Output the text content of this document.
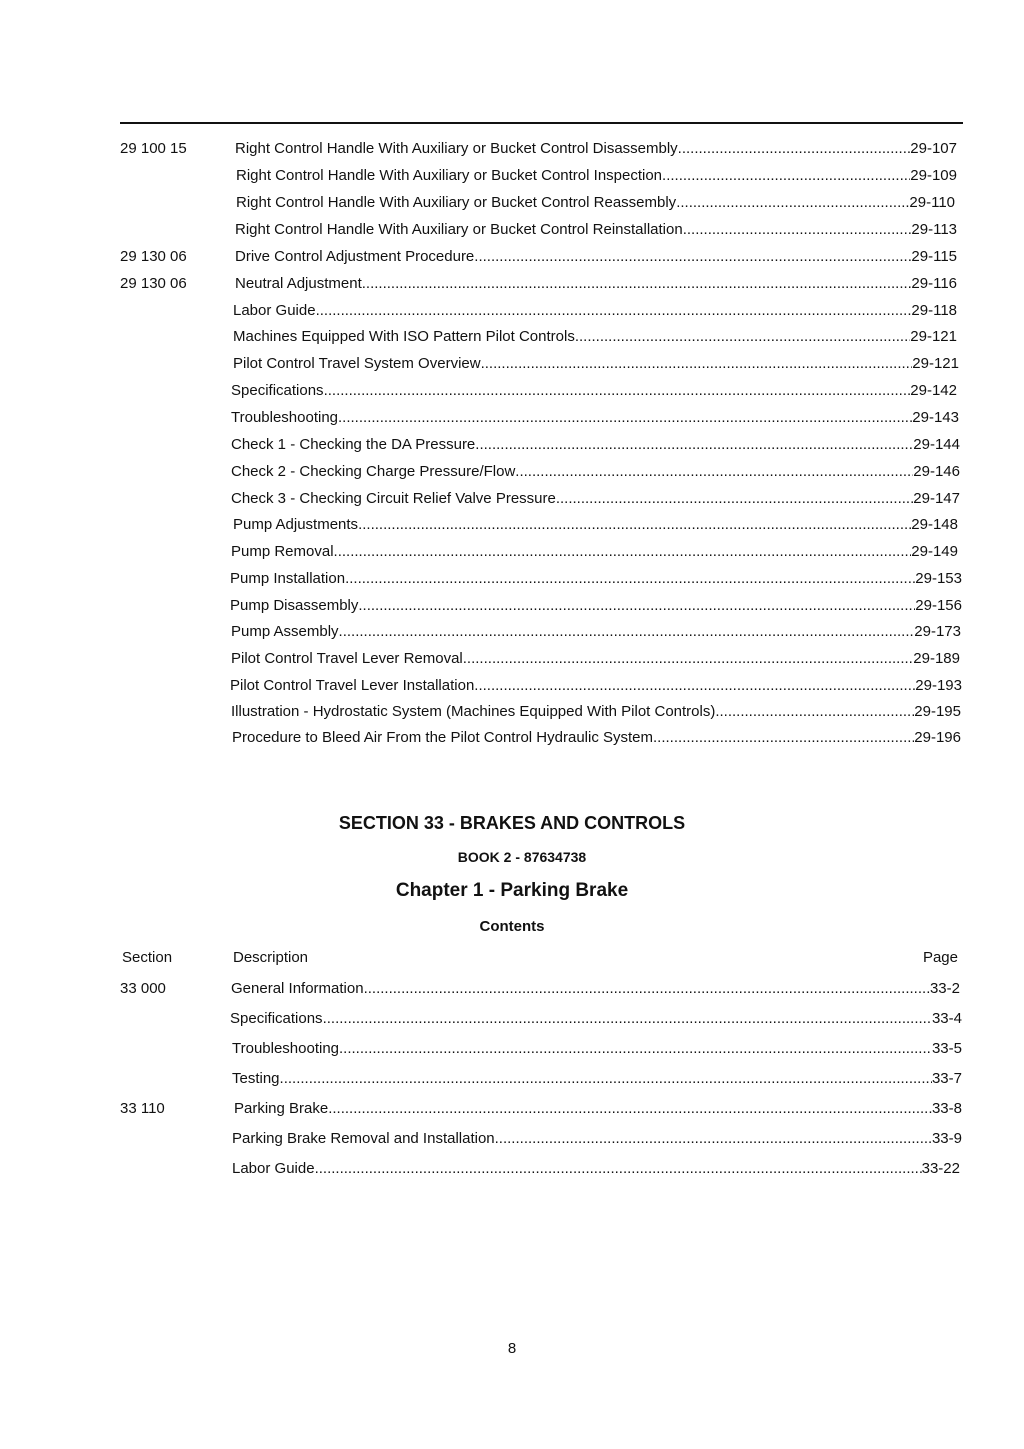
29 100 15	Right Control Handle With Auxiliary or Bucket Control Disassembly .....	29-107
Right Control Handle With Auxiliary or Bucket Control Inspection .....	29-109
Right Control Handle With Auxiliary or Bucket Control Reassembly .....	29-110
Right Control Handle With Auxiliary or Bucket Control Reinstallation .....	29-113
29 130 06	Drive Control Adjustment Procedure .....	29-115
29 130 06	Neutral Adjustment .....	29-116
Labor Guide .....	29-118
Machines Equipped With ISO Pattern Pilot Controls .....	29-121
Pilot Control Travel System Overview .....	29-121
Specifications .....	29-142
Troubleshooting .....	29-143
Check 1 - Checking the DA Pressure .....	29-144
Check 2 - Checking Charge Pressure/Flow .....	29-146
Check 3 - Checking Circuit Relief Valve Pressure .....	29-147
Pump Adjustments .....	29-148
Pump Removal .....	29-149
Pump Installation .....	29-153
Pump Disassembly .....	29-156
Pump Assembly .....	29-173
Pilot Control Travel Lever Removal .....	29-189
Pilot Control Travel Lever Installation .....	29-193
Illustration - Hydrostatic System (Machines Equipped With Pilot Controls) .....	29-195
Procedure to Bleed Air From the Pilot Control Hydraulic System .....	29-196
SECTION 33 - BRAKES AND CONTROLS
BOOK 2 - 87634738
Chapter 1 - Parking Brake
Contents
Section	Description	Page
33 000	General Information .....	33-2
Specifications .....	33-4
Troubleshooting .....	33-5
Testing .....	33-7
33 110	Parking Brake .....	33-8
Parking Brake Removal and Installation .....	33-9
Labor Guide .....	33-22
8
